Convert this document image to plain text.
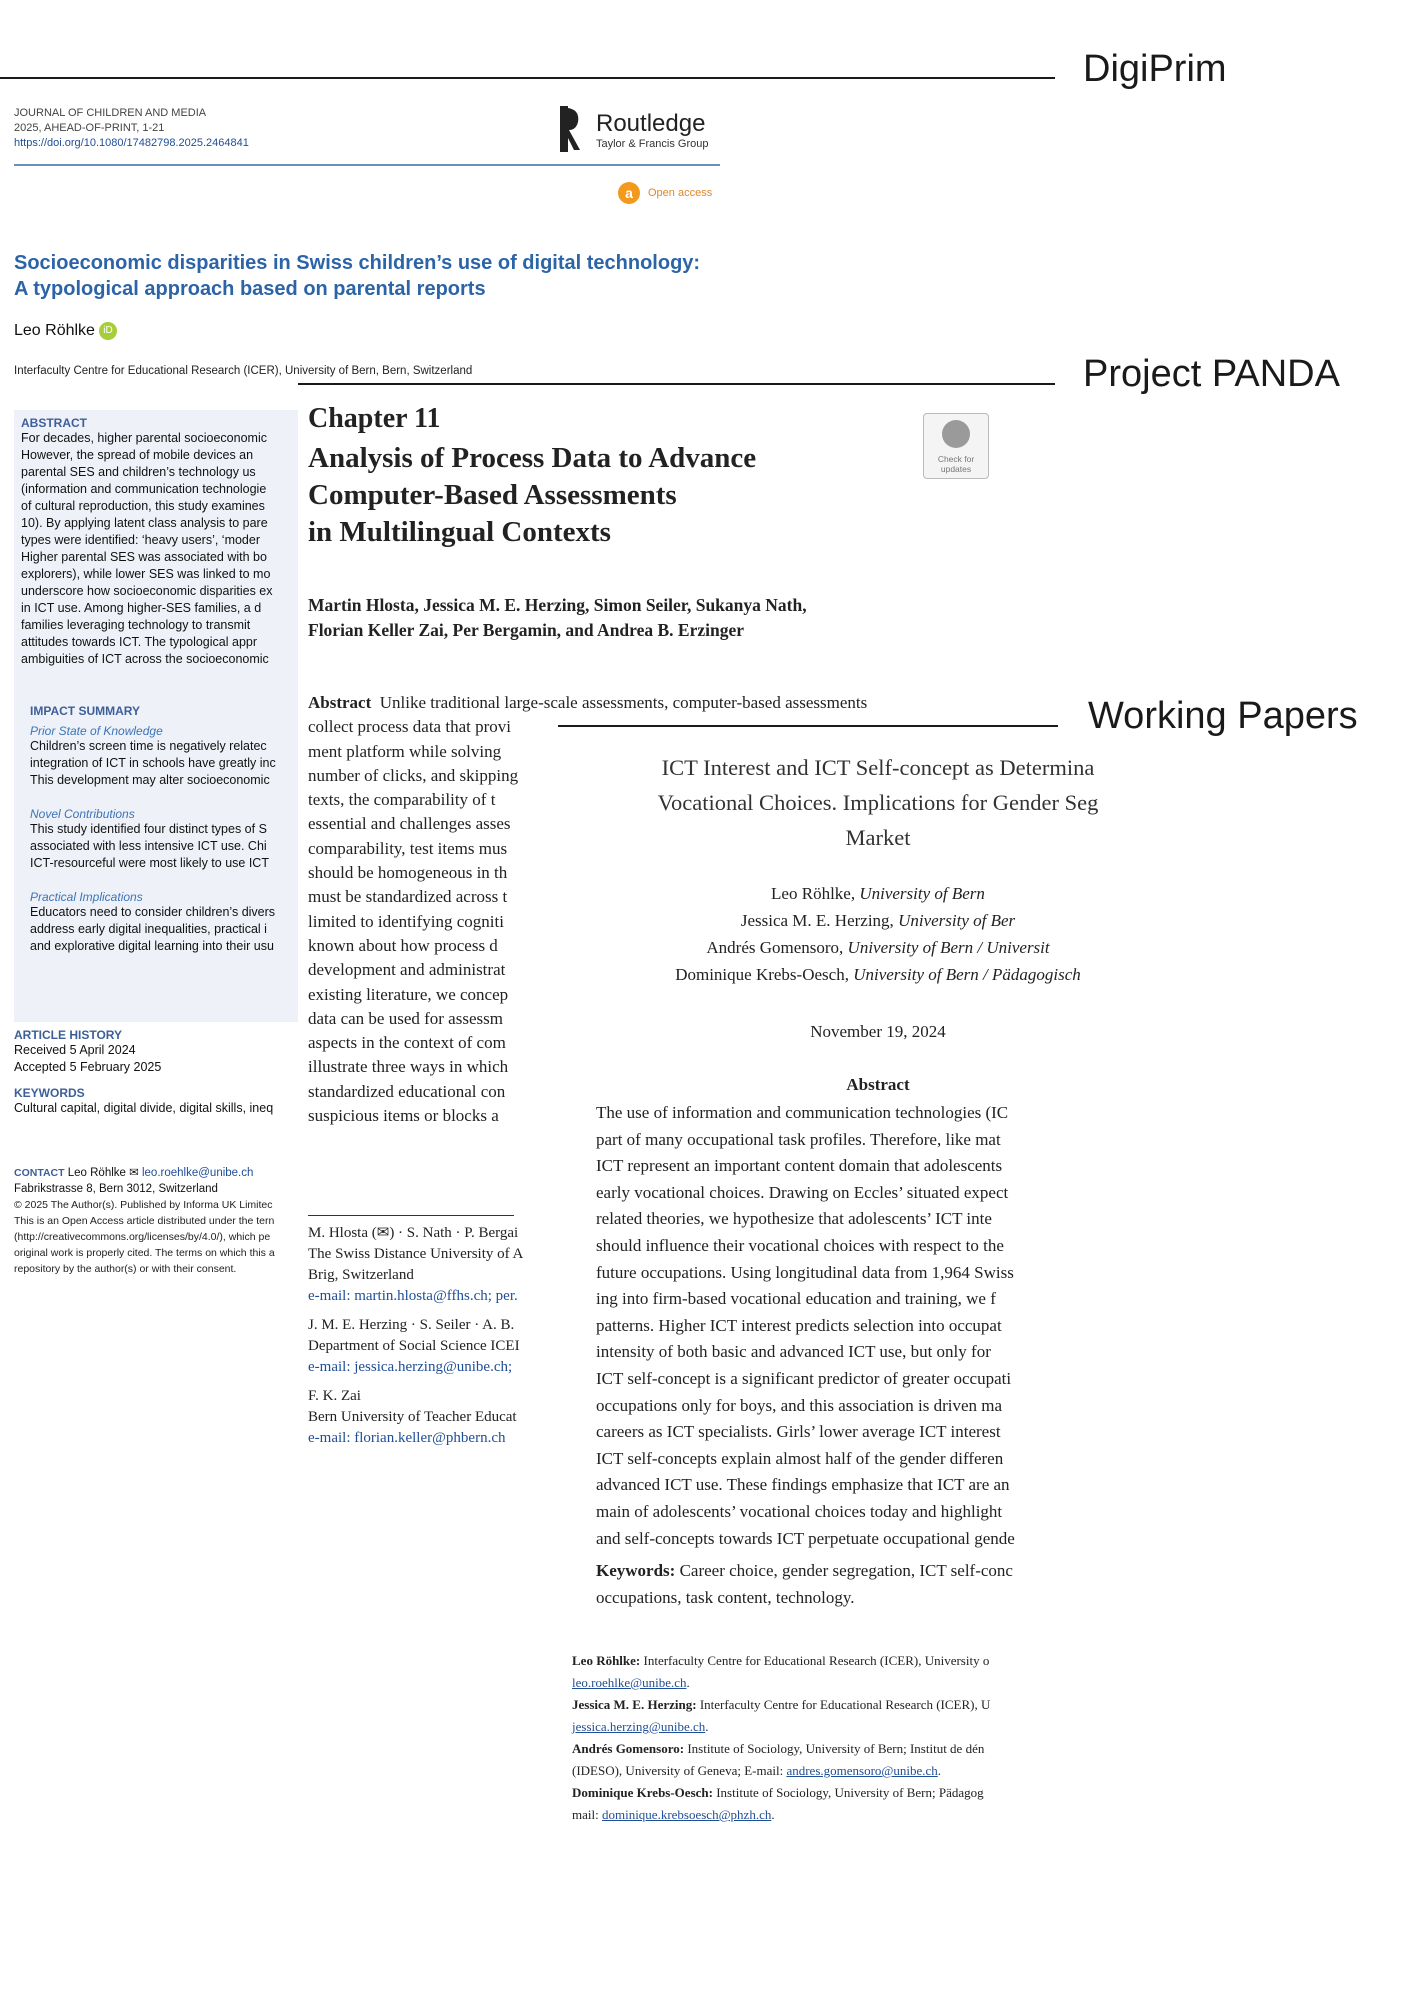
DigiPrim
JOURNAL OF CHILDREN AND MEDIA
2025, AHEAD-OF-PRINT, 1-21
https://doi.org/10.1080/17482798.2025.2464841
Routledge
Taylor & Francis Group
a Open access
Socioeconomic disparities in Swiss children’s use of digital technology:
A typological approach based on parental reports
Leo Röhlke iD
Interfaculty Centre for Educational Research (ICER), University of Bern, Bern, Switzerland

ABSTRACT

For decades, higher parental socioeconomic

However, the spread of mobile devices an

parental SES and children’s technology us

(information and communication technologie

of cultural reproduction, this study examines

10). By applying latent class analysis to pare

types were identified: ‘heavy users’, ‘moder

Higher parental SES was associated with bo

explorers), while lower SES was linked to mo

underscore how socioeconomic disparities ex

in ICT use. Among higher-SES families, a d

families leveraging technology to transmit

attitudes towards ICT. The typological appr

ambiguities of ICT across the socioeconomic

IMPACT SUMMARY

Prior State of Knowledge

Children’s screen time is negatively relatec

integration of ICT in schools have greatly inc

This development may alter socioeconomic

Novel Contributions

This study identified four distinct types of S

associated with less intensive ICT use. Chi

ICT-resourceful were most likely to use ICT

Practical Implications

Educators need to consider children’s divers

address early digital inequalities, practical i

and explorative digital learning into their usu

ARTICLE HISTORY

Received 5 April 2024

Accepted 5 February 2025

KEYWORDS

Cultural capital, digital divide, digital skills, ineq

CONTACT Leo Röhlke ✉ leo.roehlke@unibe.ch
Fabrikstrasse 8, Bern 3012, Switzerland
© 2025 The Author(s). Published by Informa UK Limitec
This is an Open Access article distributed under the tern
(http://creativecommons.org/licenses/by/4.0/), which pe
original work is properly cited. The terms on which this a
repository by the author(s) or with their consent.
Project PANDA
Chapter 11
Analysis of Process Data to Advance
Computer-Based Assessments
in Multilingual Contexts
Check for updates
Martin Hlosta, Jessica M. E. Herzing, Simon Seiler, Sukanya Nath,
Florian Keller Zai, Per Bergamin, and Andrea B. Erzinger
Abstract Unlike traditional large-scale assessments, computer-based assessments
collect process data that provi
ment platform while solving
number of clicks, and skipping
texts, the comparability of t
essential and challenges asses
comparability, test items mus
should be homogeneous in th
must be standardized across t
limited to identifying cogniti
known about how process d
development and administrat
existing literature, we concep
data can be used for assessm
aspects in the context of com
illustrate three ways in which
standardized educational con
suspicious items or blocks a
M. Hlosta (✉) · S. Nath · P. Bergai
The Swiss Distance University of A
Brig, Switzerland
e-mail: martin.hlosta@ffhs.ch; per.
J. M. E. Herzing · S. Seiler · A. B.
Department of Social Science ICEI
e-mail: jessica.herzing@unibe.ch;
F. K. Zai
Bern University of Teacher Educat
e-mail: florian.keller@phbern.ch
Working Papers
ICT Interest and ICT Self-concept as Determina
Vocational Choices. Implications for Gender Seg
Market
Leo Röhlke, University of Bern
Jessica M. E. Herzing, University of Ber
Andrés Gomensoro, University of Bern / Universit
Dominique Krebs-Oesch, University of Bern / Pädagogisch
November 19, 2024
Abstract
The use of information and communication technologies (IC
part of many occupational task profiles. Therefore, like mat
ICT represent an important content domain that adolescents
early vocational choices. Drawing on Eccles’ situated expect
related theories, we hypothesize that adolescents’ ICT inte
should influence their vocational choices with respect to the
future occupations. Using longitudinal data from 1,964 Swiss
ing into firm-based vocational education and training, we f
patterns. Higher ICT interest predicts selection into occupat
intensity of both basic and advanced ICT use, but only for
ICT self-concept is a significant predictor of greater occupati
occupations only for boys, and this association is driven ma
careers as ICT specialists. Girls’ lower average ICT interest
ICT self-concepts explain almost half of the gender differen
advanced ICT use. These findings emphasize that ICT are an
main of adolescents’ vocational choices today and highlight
and self-concepts towards ICT perpetuate occupational gende
Keywords: Career choice, gender segregation, ICT self-conc
occupations, task content, technology.
Leo Röhlke: Interfaculty Centre for Educational Research (ICER), University o
leo.roehlke@unibe.ch.
Jessica M. E. Herzing: Interfaculty Centre for Educational Research (ICER), U
jessica.herzing@unibe.ch.
Andrés Gomensoro: Institute of Sociology, University of Bern; Institut de dén
(IDESO), University of Geneva; E-mail: andres.gomensoro@unibe.ch.
Dominique Krebs-Oesch: Institute of Sociology, University of Bern; Pädagog
mail: dominique.krebsoesch@phzh.ch.
